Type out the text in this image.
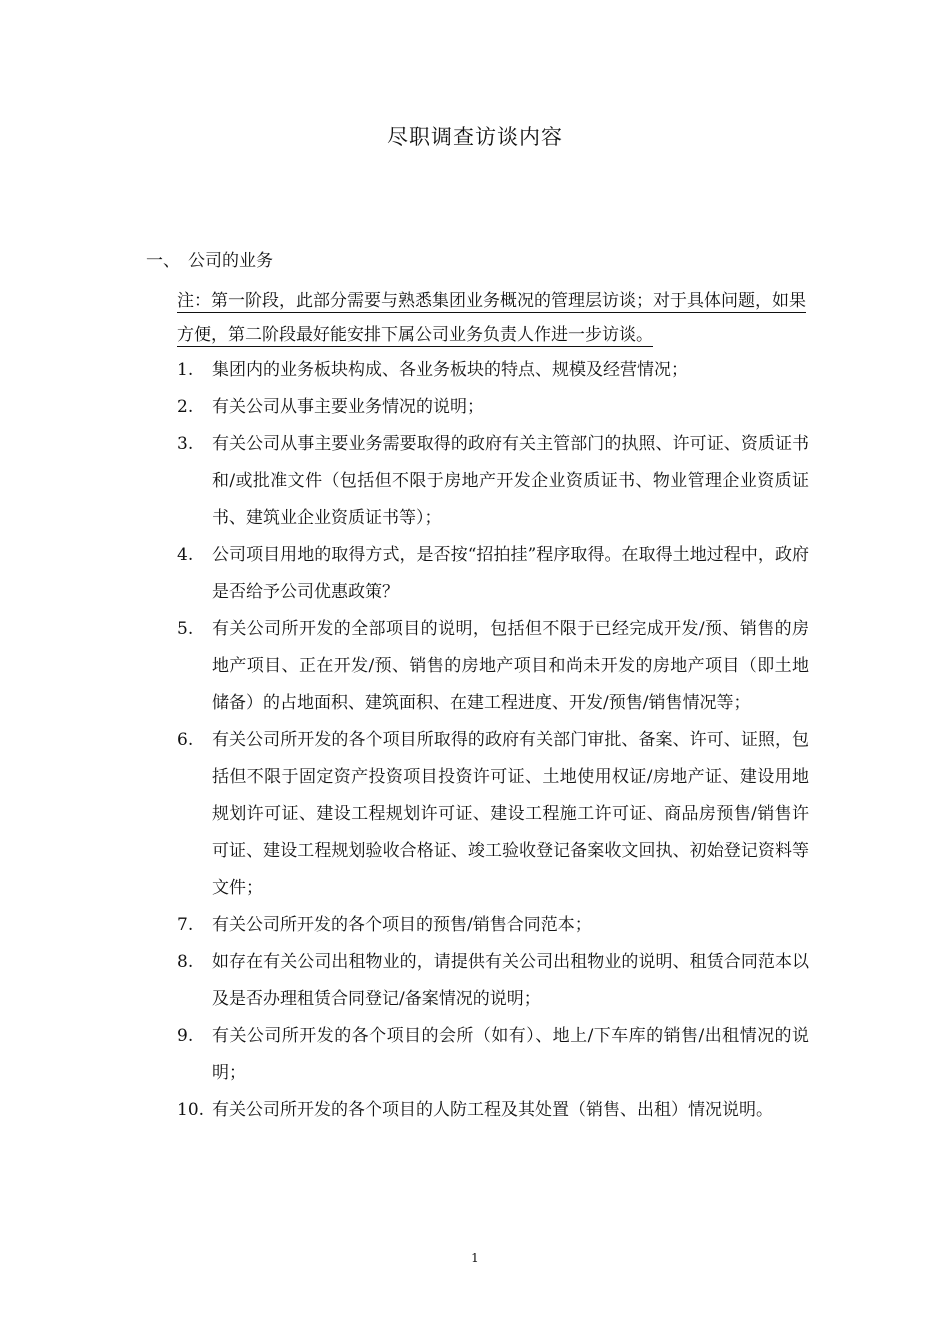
尽职调查访谈内容
一、 公司的业务
注：第一阶段，此部分需要与熟悉集团业务概况的管理层访谈；对于具体问题，如果方便，第二阶段最好能安排下属公司业务负责人作进一步访谈。
1. 集团内的业务板块构成、各业务板块的特点、规模及经营情况；
2. 有关公司从事主要业务情况的说明；
3. 有关公司从事主要业务需要取得的政府有关主管部门的执照、许可证、资质证书和/或批准文件（包括但不限于房地产开发企业资质证书、物业管理企业资质证书、建筑业企业资质证书等）；
4. 公司项目用地的取得方式，是否按“招拍挂”程序取得。在取得土地过程中，政府是否给予公司优惠政策？
5. 有关公司所开发的全部项目的说明，包括但不限于已经完成开发/预、销售的房地产项目、正在开发/预、销售的房地产项目和尚未开发的房地产项目（即土地储备）的占地面积、建筑面积、在建工程进度、开发/预售/销售情况等；
6. 有关公司所开发的各个项目所取得的政府有关部门审批、备案、许可、证照，包括但不限于固定资产投资项目投资许可证、土地使用权证/房地产证、建设用地规划许可证、建设工程规划许可证、建设工程施工许可证、商品房预售/销售许可证、建设工程规划验收合格证、竣工验收登记备案收文回执、初始登记资料等文件；
7. 有关公司所开发的各个项目的预售/销售合同范本；
8. 如存在有关公司出租物业的，请提供有关公司出租物业的说明、租赁合同范本以及是否办理租赁合同登记/备案情况的说明；
9. 有关公司所开发的各个项目的会所（如有）、地上/下车库的销售/出租情况的说明；
10. 有关公司所开发的各个项目的人防工程及其处置（销售、出租）情况说明。
1
